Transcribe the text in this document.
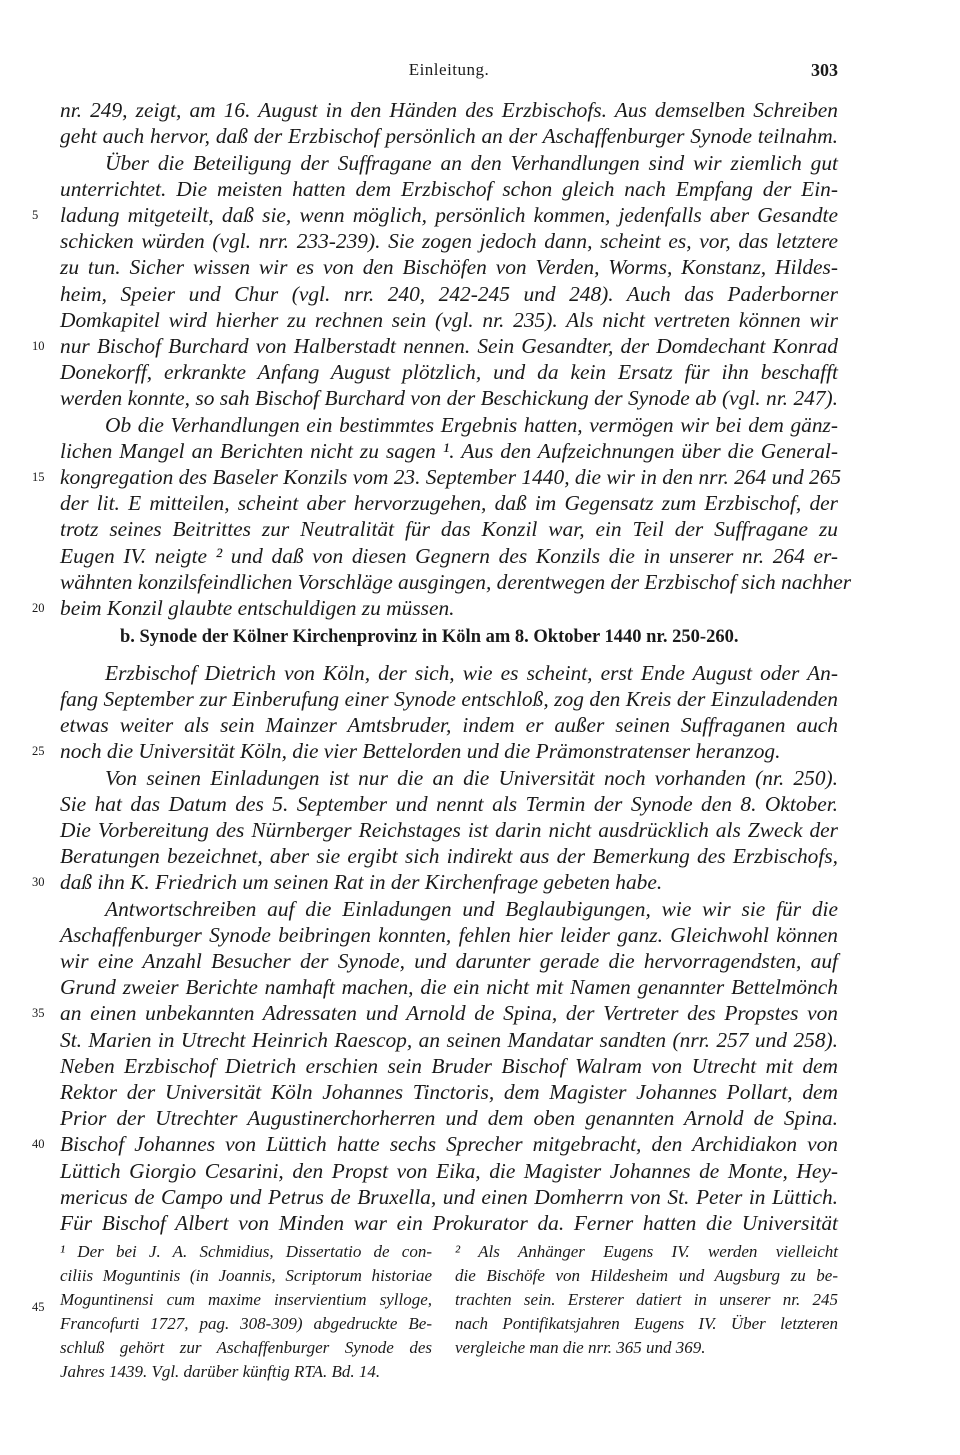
Einleitung.	303
nr. 249, zeigt, am 16. August in den Händen des Erzbischofs. Aus demselben Schreiben
geht auch hervor, daß der Erzbischof persönlich an der Aschaffenburger Synode teilnahm.
Über die Beteiligung der Suffragane an den Verhandlungen sind wir ziemlich gut
unterrichtet. Die meisten hatten dem Erzbischof schon gleich nach Empfang der Ein-
ladung mitgeteilt, daß sie, wenn möglich, persönlich kommen, jedenfalls aber Gesandte
schicken würden (vgl. nrr. 233-239). Sie zogen jedoch dann, scheint es, vor, das letztere
zu tun. Sicher wissen wir es von den Bischöfen von Verden, Worms, Konstanz, Hildes-
heim, Speier und Chur (vgl. nrr. 240, 242-245 und 248). Auch das Paderborner
Domkapitel wird hierher zu rechnen sein (vgl. nr. 235). Als nicht vertreten können wir
nur Bischof Burchard von Halberstadt nennen. Sein Gesandter, der Domdechant Konrad
Donekorff, erkrankte Anfang August plötzlich, und da kein Ersatz für ihn beschafft
werden konnte, so sah Bischof Burchard von der Beschickung der Synode ab (vgl. nr. 247).
Ob die Verhandlungen ein bestimmtes Ergebnis hatten, vermögen wir bei dem gänz-
lichen Mangel an Berichten nicht zu sagen ¹. Aus den Aufzeichnungen über die General-
kongregation des Baseler Konzils vom 23. September 1440, die wir in den nrr. 264 und 265
der lit. E mitteilen, scheint aber hervorzugehen, daß im Gegensatz zum Erzbischof, der
trotz seines Beitrittes zur Neutralität für das Konzil war, ein Teil der Suffragane zu
Eugen IV. neigte ² und daß von diesen Gegnern des Konzils die in unserer nr. 264 er-
wähnten konzilsfeindlichen Vorschläge ausgingen, derentwegen der Erzbischof sich nachher
beim Konzil glaubte entschuldigen zu müssen.
b. Synode der Kölner Kirchenprovinz in Köln am 8. Oktober 1440 nr. 250-260.
Erzbischof Dietrich von Köln, der sich, wie es scheint, erst Ende August oder An-
fang September zur Einberufung einer Synode entschloß, zog den Kreis der Einzuladenden
etwas weiter als sein Mainzer Amtsbruder, indem er außer seinen Suffraganen auch
noch die Universität Köln, die vier Bettelorden und die Prämonstratenser heranzog.
Von seinen Einladungen ist nur die an die Universität noch vorhanden (nr. 250).
Sie hat das Datum des 5. September und nennt als Termin der Synode den 8. Oktober.
Die Vorbereitung des Nürnberger Reichstages ist darin nicht ausdrücklich als Zweck der
Beratungen bezeichnet, aber sie ergibt sich indirekt aus der Bemerkung des Erzbischofs,
daß ihn K. Friedrich um seinen Rat in der Kirchenfrage gebeten habe.
Antwortschreiben auf die Einladungen und Beglaubigungen, wie wir sie für die
Aschaffenburger Synode beibringen konnten, fehlen hier leider ganz. Gleichwohl können
wir eine Anzahl Besucher der Synode, und darunter gerade die hervorragendsten, auf
Grund zweier Berichte namhaft machen, die ein nicht mit Namen genannter Bettelmönch
an einen unbekannten Adressaten und Arnold de Spina, der Vertreter des Propstes von
St. Marien in Utrecht Heinrich Raescop, an seinen Mandatar sandten (nrr. 257 und 258).
Neben Erzbischof Dietrich erschien sein Bruder Bischof Walram von Utrecht mit dem
Rektor der Universität Köln Johannes Tinctoris, dem Magister Johannes Pollart, dem
Prior der Utrechter Augustinerchorherren und dem oben genannten Arnold de Spina.
Bischof Johannes von Lüttich hatte sechs Sprecher mitgebracht, den Archidiakon von
Lüttich Giorgio Cesarini, den Propst von Eika, die Magister Johannes de Monte, Hey-
mericus de Campo und Petrus de Bruxella, und einen Domherrn von St. Peter in Lüttich.
Für Bischof Albert von Minden war ein Prokurator da. Ferner hatten die Universität
5
10
15
20
25
30
35
40
45
¹ Der bei J. A. Schmidius, Dissertatio de con-
ciliis Moguntinis (in Joannis, Scriptorum historiae
Moguntinensi cum maxime inservientium sylloge,
Francofurti 1727, pag. 308-309) abgedruckte Be-
schluß gehört zur Aschaffenburger Synode des
Jahres 1439. Vgl. darüber künftig RTA. Bd. 14.
² Als Anhänger Eugens IV. werden vielleicht
die Bischöfe von Hildesheim und Augsburg zu be-
trachten sein. Ersterer datiert in unserer nr. 245
nach Pontifikatsjahren Eugens IV. Über letzteren
vergleiche man die nrr. 365 und 369.
